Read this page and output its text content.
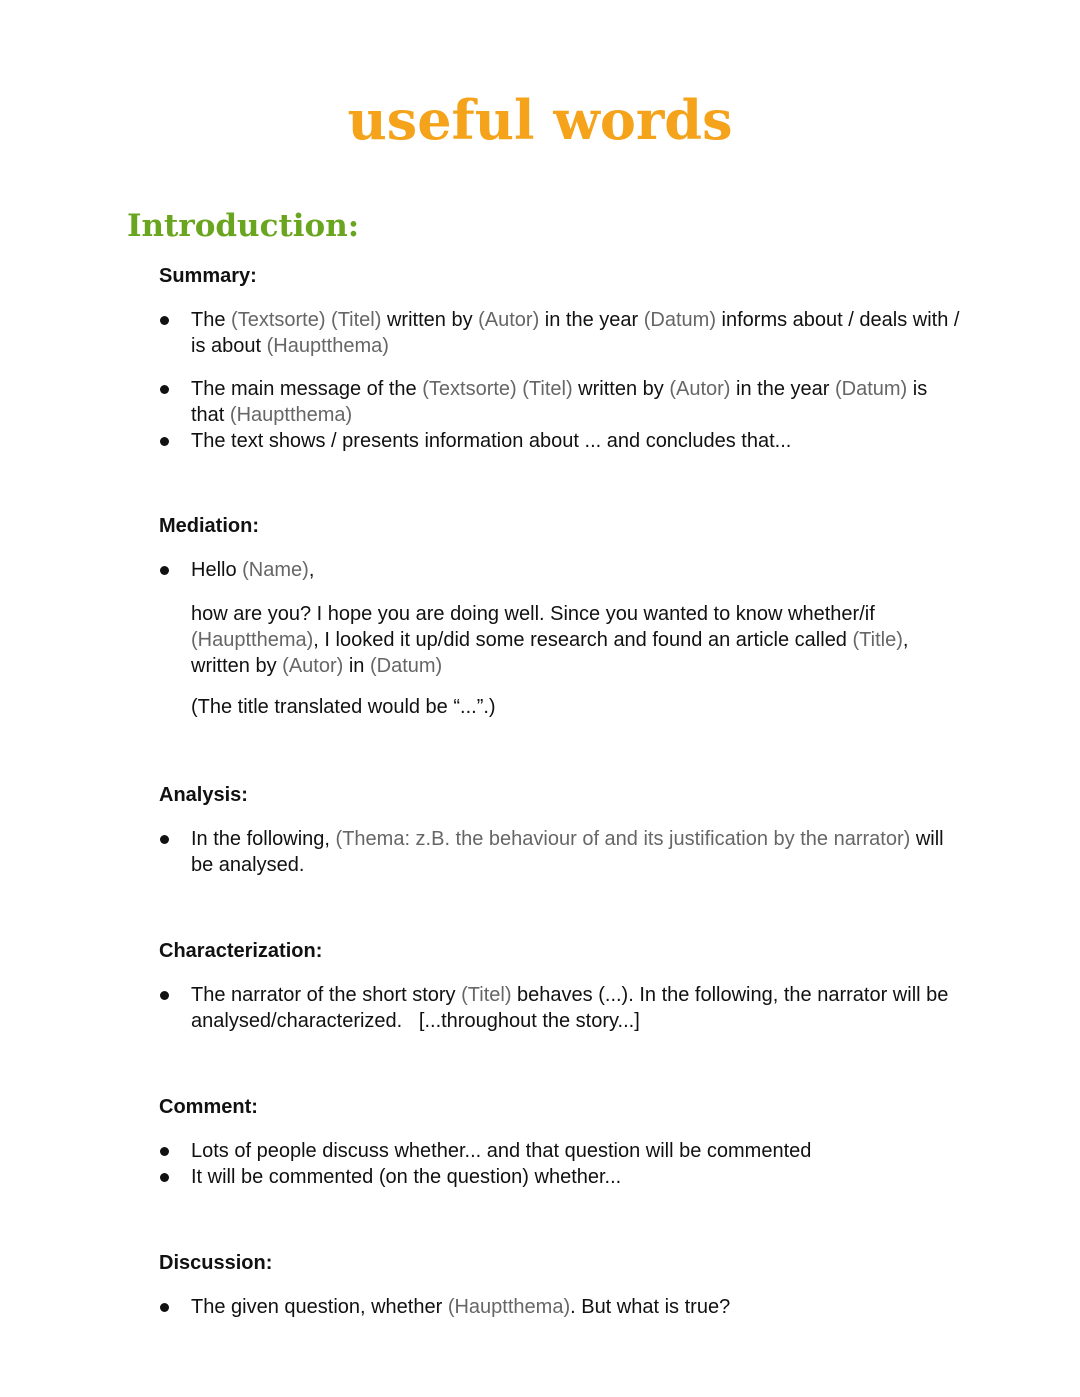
useful words
Introduction:
Summary:
The (Textsorte) (Titel) written by (Autor) in the year (Datum) informs about / deals with / is about (Hauptthema)
The main message of the (Textsorte) (Titel) written by (Autor) in the year (Datum) is that (Hauptthema)
The text shows / presents information about ... and concludes that...
Mediation:
Hello (Name),

how are you? I hope you are doing well. Since you wanted to know whether/if (Hauptthema), I looked it up/did some research and found an article called (Title), written by (Autor) in (Datum)

(The title translated would be “...”.)

Analysis:
In the following, (Thema: z.B. the behaviour of and its justification by the narrator) will be analysed.
Characterization:
The narrator of the short story (Titel) behaves (...). In the following, the narrator will be analysed/characterized.   [...throughout the story...]
Comment:
Lots of people discuss whether... and that question will be commented
It will be commented (on the question) whether...
Discussion:
The given question, whether (Hauptthema). But what is true?
